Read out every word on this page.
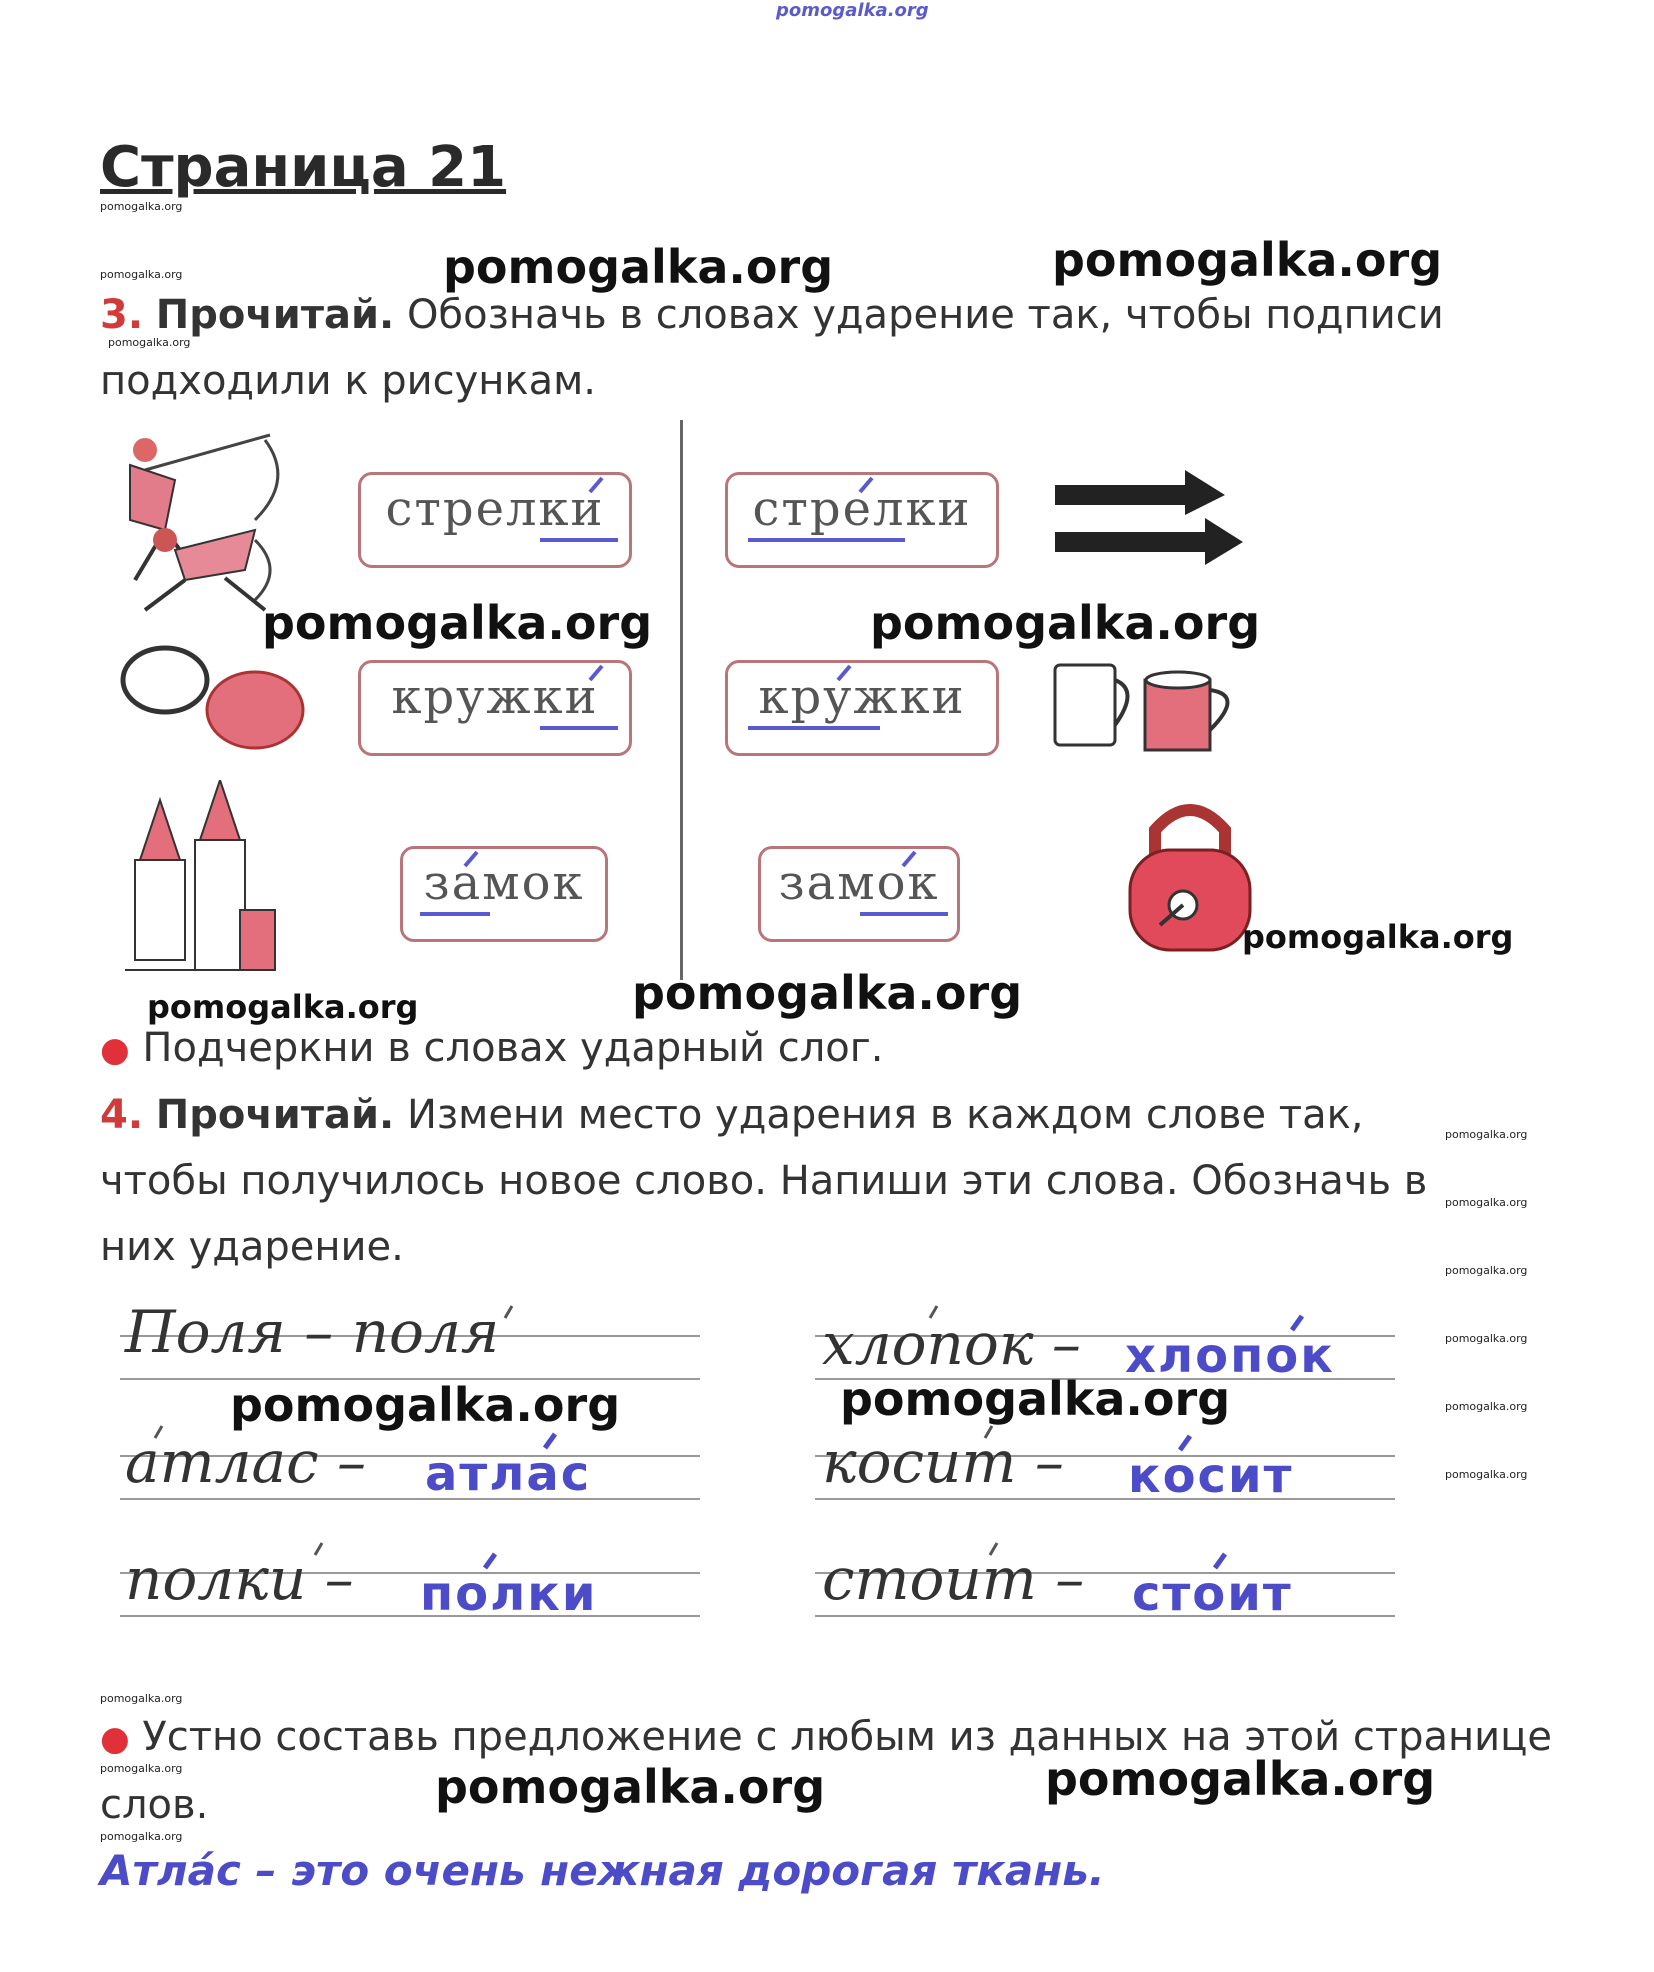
pomogalka.org
Страница 21
pomogalka.org
pomogalka.org	pomogalka.org	pomogalka.org
3. Прочитай. Обозначь в словах ударение так, чтобы подписи подходили к рисункам.
pomogalka.org
стрелки
кружки
замок
стрелки
кружки
замок
pomogalka.org	pomogalka.org
pomogalka.org
pomogalka.org	pomogalka.org
● Подчеркни в словах ударный слог.
4. Прочитай. Измени место ударения в каждом слове так, чтобы получилось новое слово. Напиши эти слова. Обозначь в них ударение.
pomogalka.org
pomogalka.org
pomogalka.org
pomogalka.org
pomogalka.org
pomogalka.org
Поля – поля	хлопок – хлопок
атлас – атлас	косит – косит
полки – полки	стоит – стоит
pomogalka.org	pomogalka.org
pomogalka.org
● Устно составь предложение с любым из данных на этой странице слов.
pomogalka.org	pomogalka.org	pomogalka.org
pomogalka.org
Атла́с – это очень нежная дорогая ткань.
